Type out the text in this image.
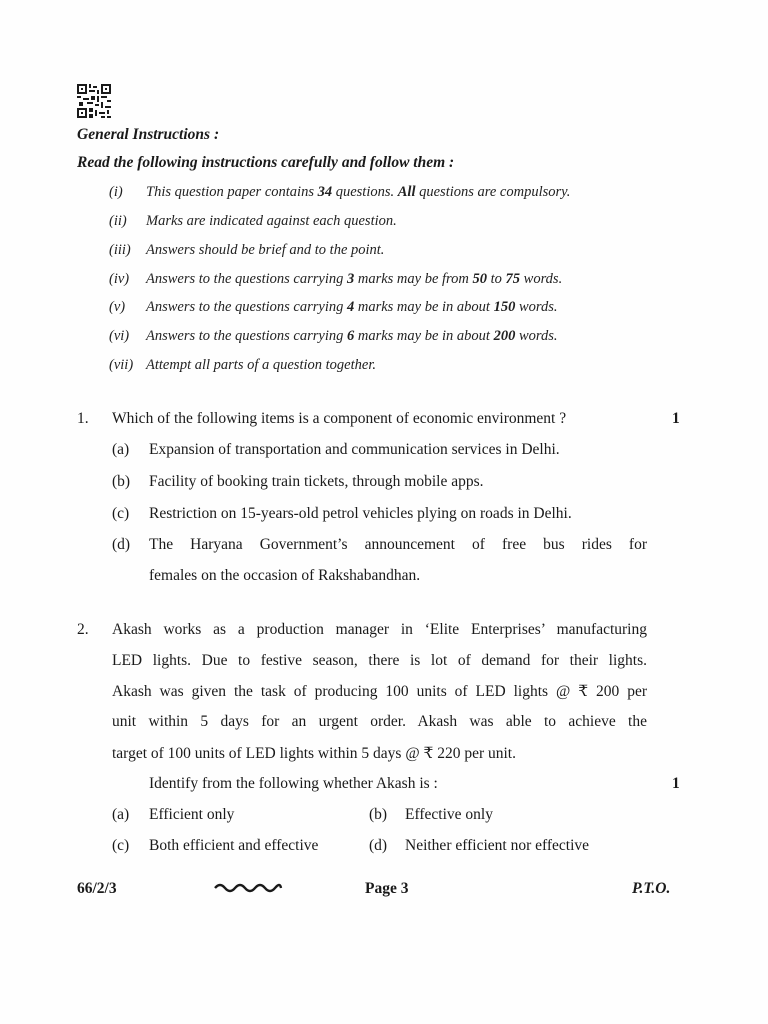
General Instructions :
Read the following instructions carefully and follow them :
(i) This question paper contains 34 questions. All questions are compulsory.
(ii) Marks are indicated against each question.
(iii) Answers should be brief and to the point.
(iv) Answers to the questions carrying 3 marks may be from 50 to 75 words.
(v) Answers to the questions carrying 4 marks may be in about 150 words.
(vi) Answers to the questions carrying 6 marks may be in about 200 words.
(vii) Attempt all parts of a question together.
1. Which of the following items is a component of economic environment ?	1
(a) Expansion of transportation and communication services in Delhi.
(b) Facility of booking train tickets, through mobile apps.
(c) Restriction on 15-years-old petrol vehicles plying on roads in Delhi.
(d) The Haryana Government’s announcement of free bus rides for
females on the occasion of Rakshabandhan.
2. Akash works as a production manager in ‘Elite Enterprises’ manufacturing
LED lights. Due to festive season, there is lot of demand for their lights.
Akash was given the task of producing 100 units of LED lights @ ₹ 200 per
unit within 5 days for an urgent order. Akash was able to achieve the
target of 100 units of LED lights within 5 days @ ₹ 220 per unit.
Identify from the following whether Akash is :	1
(a) Efficient only	(b) Effective only
(c) Both efficient and effective	(d) Neither efficient nor effective
66/2/3	Page 3	P.T.O.
